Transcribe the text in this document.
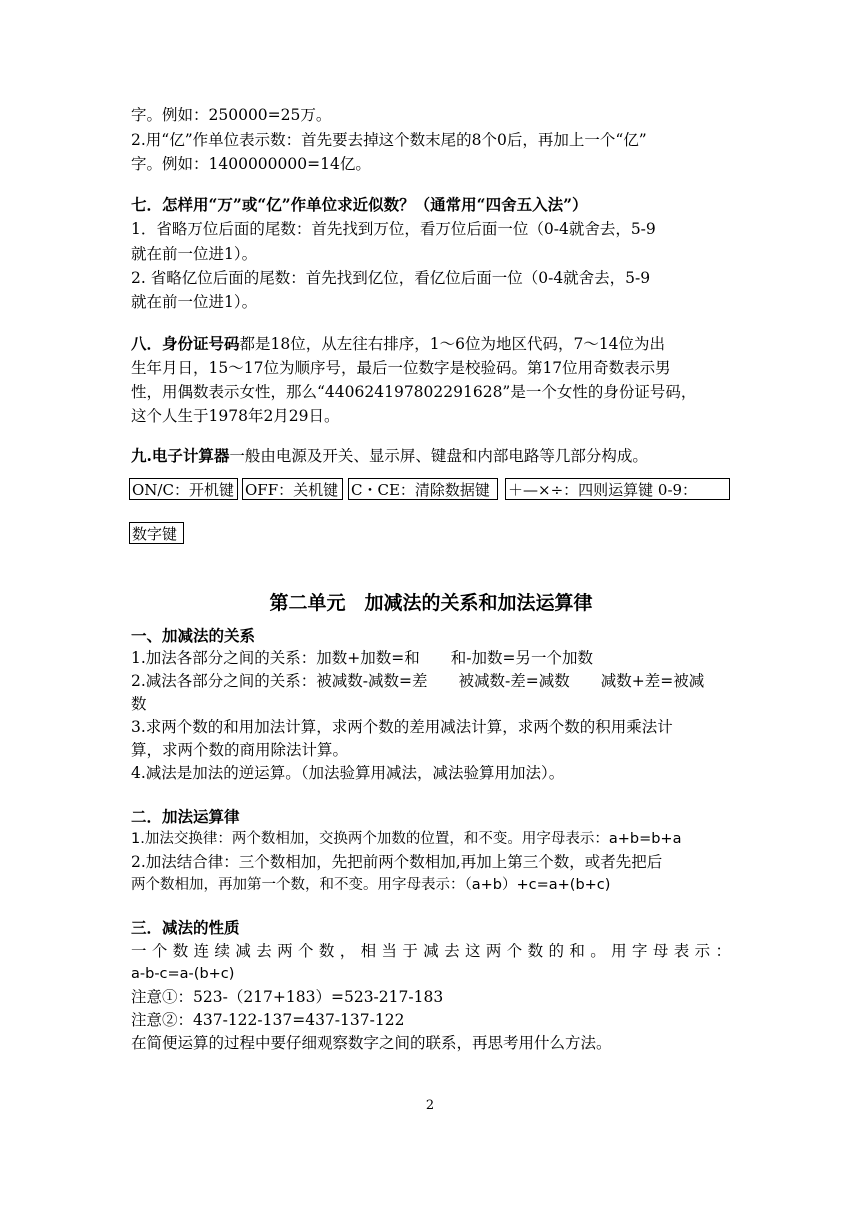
字。例如：250000=25万。
2.用“亿”作单位表示数：首先要去掉这个数末尾的8个0后，再加上一个“亿”
字。例如：1400000000=14亿。
七．怎样用“万”或“亿”作单位求近似数？（通常用“四舍五入法”）
1．省略万位后面的尾数：首先找到万位，看万位后面一位（0-4就舍去，5-9
就在前一位进1）。
2. 省略亿位后面的尾数：首先找到亿位，看亿位后面一位（0-4就舍去，5-9
就在前一位进1）。
八．身份证号码都是18位，从左往右排序，1～6位为地区代码，7～14位为出
生年月日，15～17位为顺序号，最后一位数字是校验码。第17位用奇数表示男
性，用偶数表示女性，那么“440624197802291628”是一个女性的身份证号码，
这个人生于1978年2月29日。
九.电子计算器一般由电源及开关、显示屏、键盘和内部电路等几部分构成。
ON/C：开机键 OFF：关机键 C・CE：清除数据键	＋—×÷：四则运算键 0-9：
数字键
第二单元　加减法的关系和加法运算律
一、加减法的关系
1.加法各部分之间的关系：加数+加数=和　　和-加数=另一个加数
2.减法各部分之间的关系：被减数-减数=差　　被减数-差=减数　　减数+差=被减
数
3.求两个数的和用加法计算，求两个数的差用减法计算，求两个数的积用乘法计
算，求两个数的商用除法计算。
4.减法是加法的逆运算。（加法验算用减法，减法验算用加法）。
二．加法运算律
1.加法交换律：两个数相加，交换两个加数的位置，和不变。用字母表示：a+b=b+a
2.加法结合律：三个数相加，先把前两个数相加,再加上第三个数，或者先把后
两个数相加，再加第一个数，和不变。用字母表示：（a+b）+c=a+(b+c)
三．减法的性质
一个数连续减去两个数，相当于减去这两个数的和。用字母表示：
a-b-c=a-(b+c)
注意①：523-（217+183）=523-217-183
注意②：437-122-137=437-137-122
在简便运算的过程中要仔细观察数字之间的联系，再思考用什么方法。
2
